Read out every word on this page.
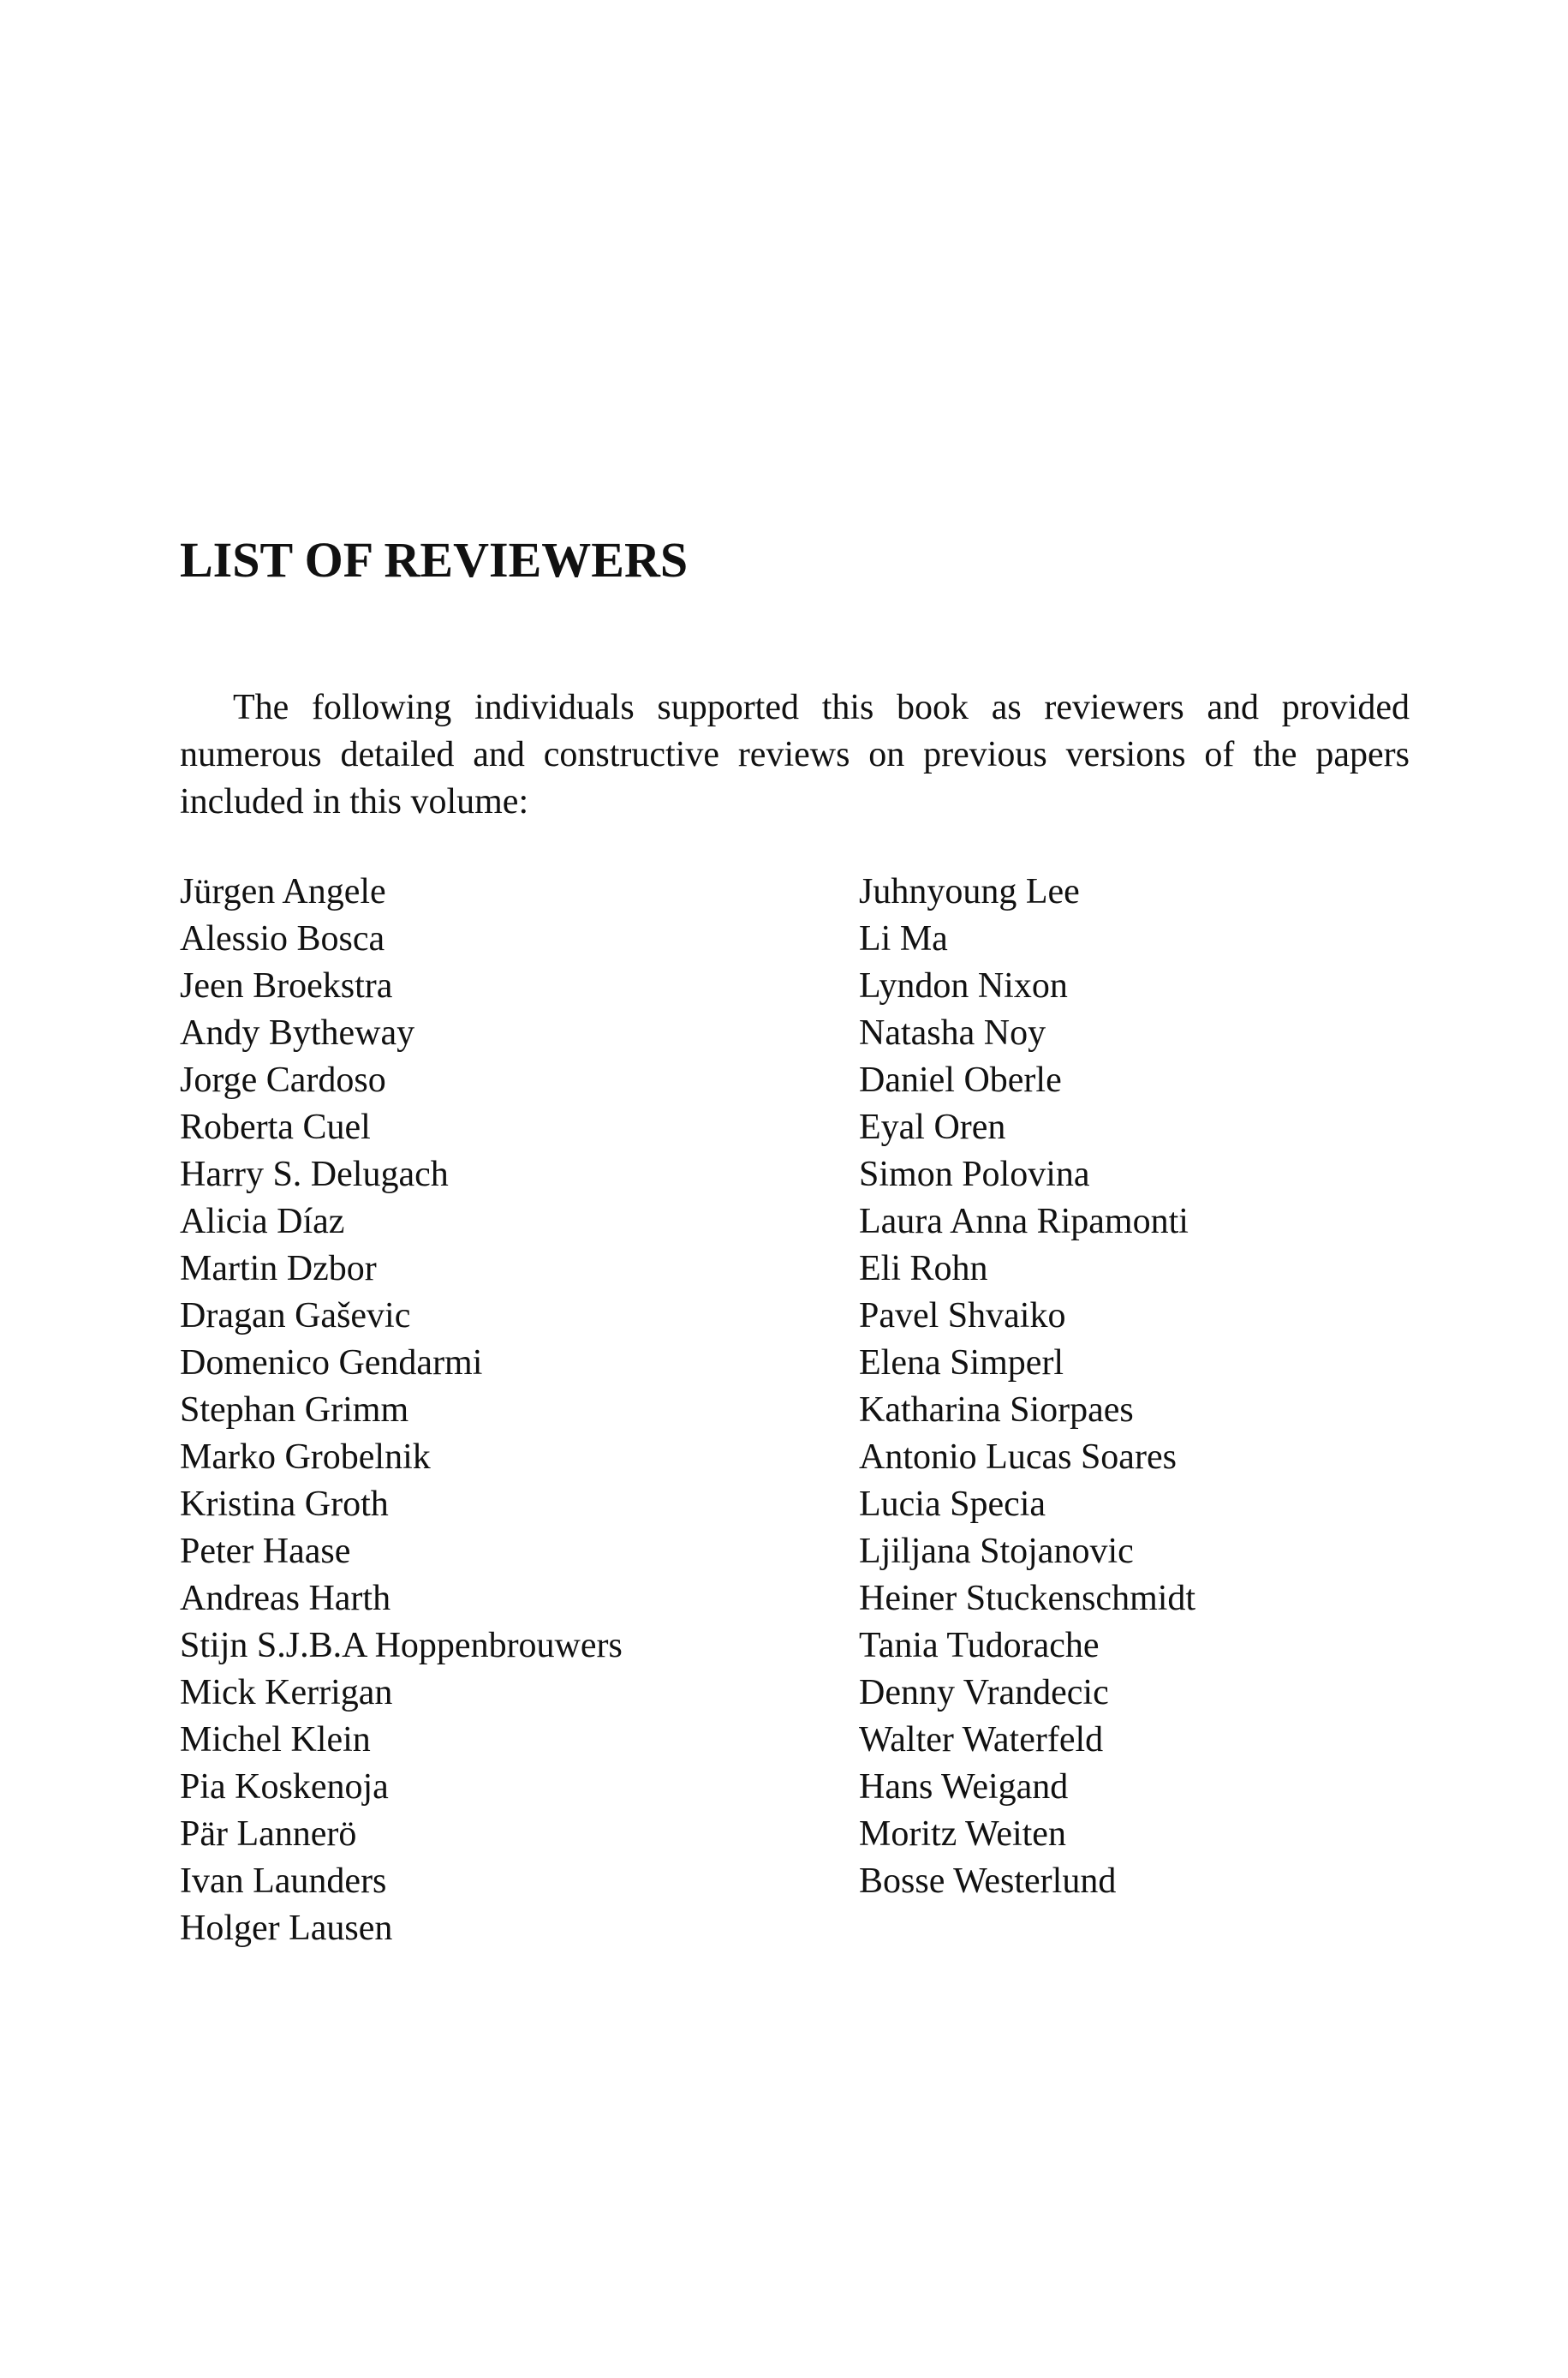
LIST OF REVIEWERS

The following individuals supported this book as reviewers and provided numerous detailed and constructive reviews on previous versions of the papers included in this volume:

Jürgen Angele
Alessio Bosca
Jeen Broekstra
Andy Bytheway
Jorge Cardoso
Roberta Cuel
Harry S. Delugach
Alicia Díaz
Martin Dzbor
Dragan Gaševic
Domenico Gendarmi
Stephan Grimm
Marko Grobelnik
Kristina Groth
Peter Haase
Andreas Harth
Stijn S.J.B.A Hoppenbrouwers
Mick Kerrigan
Michel Klein
Pia Koskenoja
Pär Lannerö
Ivan Launders
Holger Lausen
Juhnyoung Lee
Li Ma
Lyndon Nixon
Natasha Noy
Daniel Oberle
Eyal Oren
Simon Polovina
Laura Anna Ripamonti
Eli Rohn
Pavel Shvaiko
Elena Simperl
Katharina Siorpaes
Antonio Lucas Soares
Lucia Specia
Ljiljana Stojanovic
Heiner Stuckenschmidt
Tania Tudorache
Denny Vrandecic
Walter Waterfeld
Hans Weigand
Moritz Weiten
Bosse Westerlund
